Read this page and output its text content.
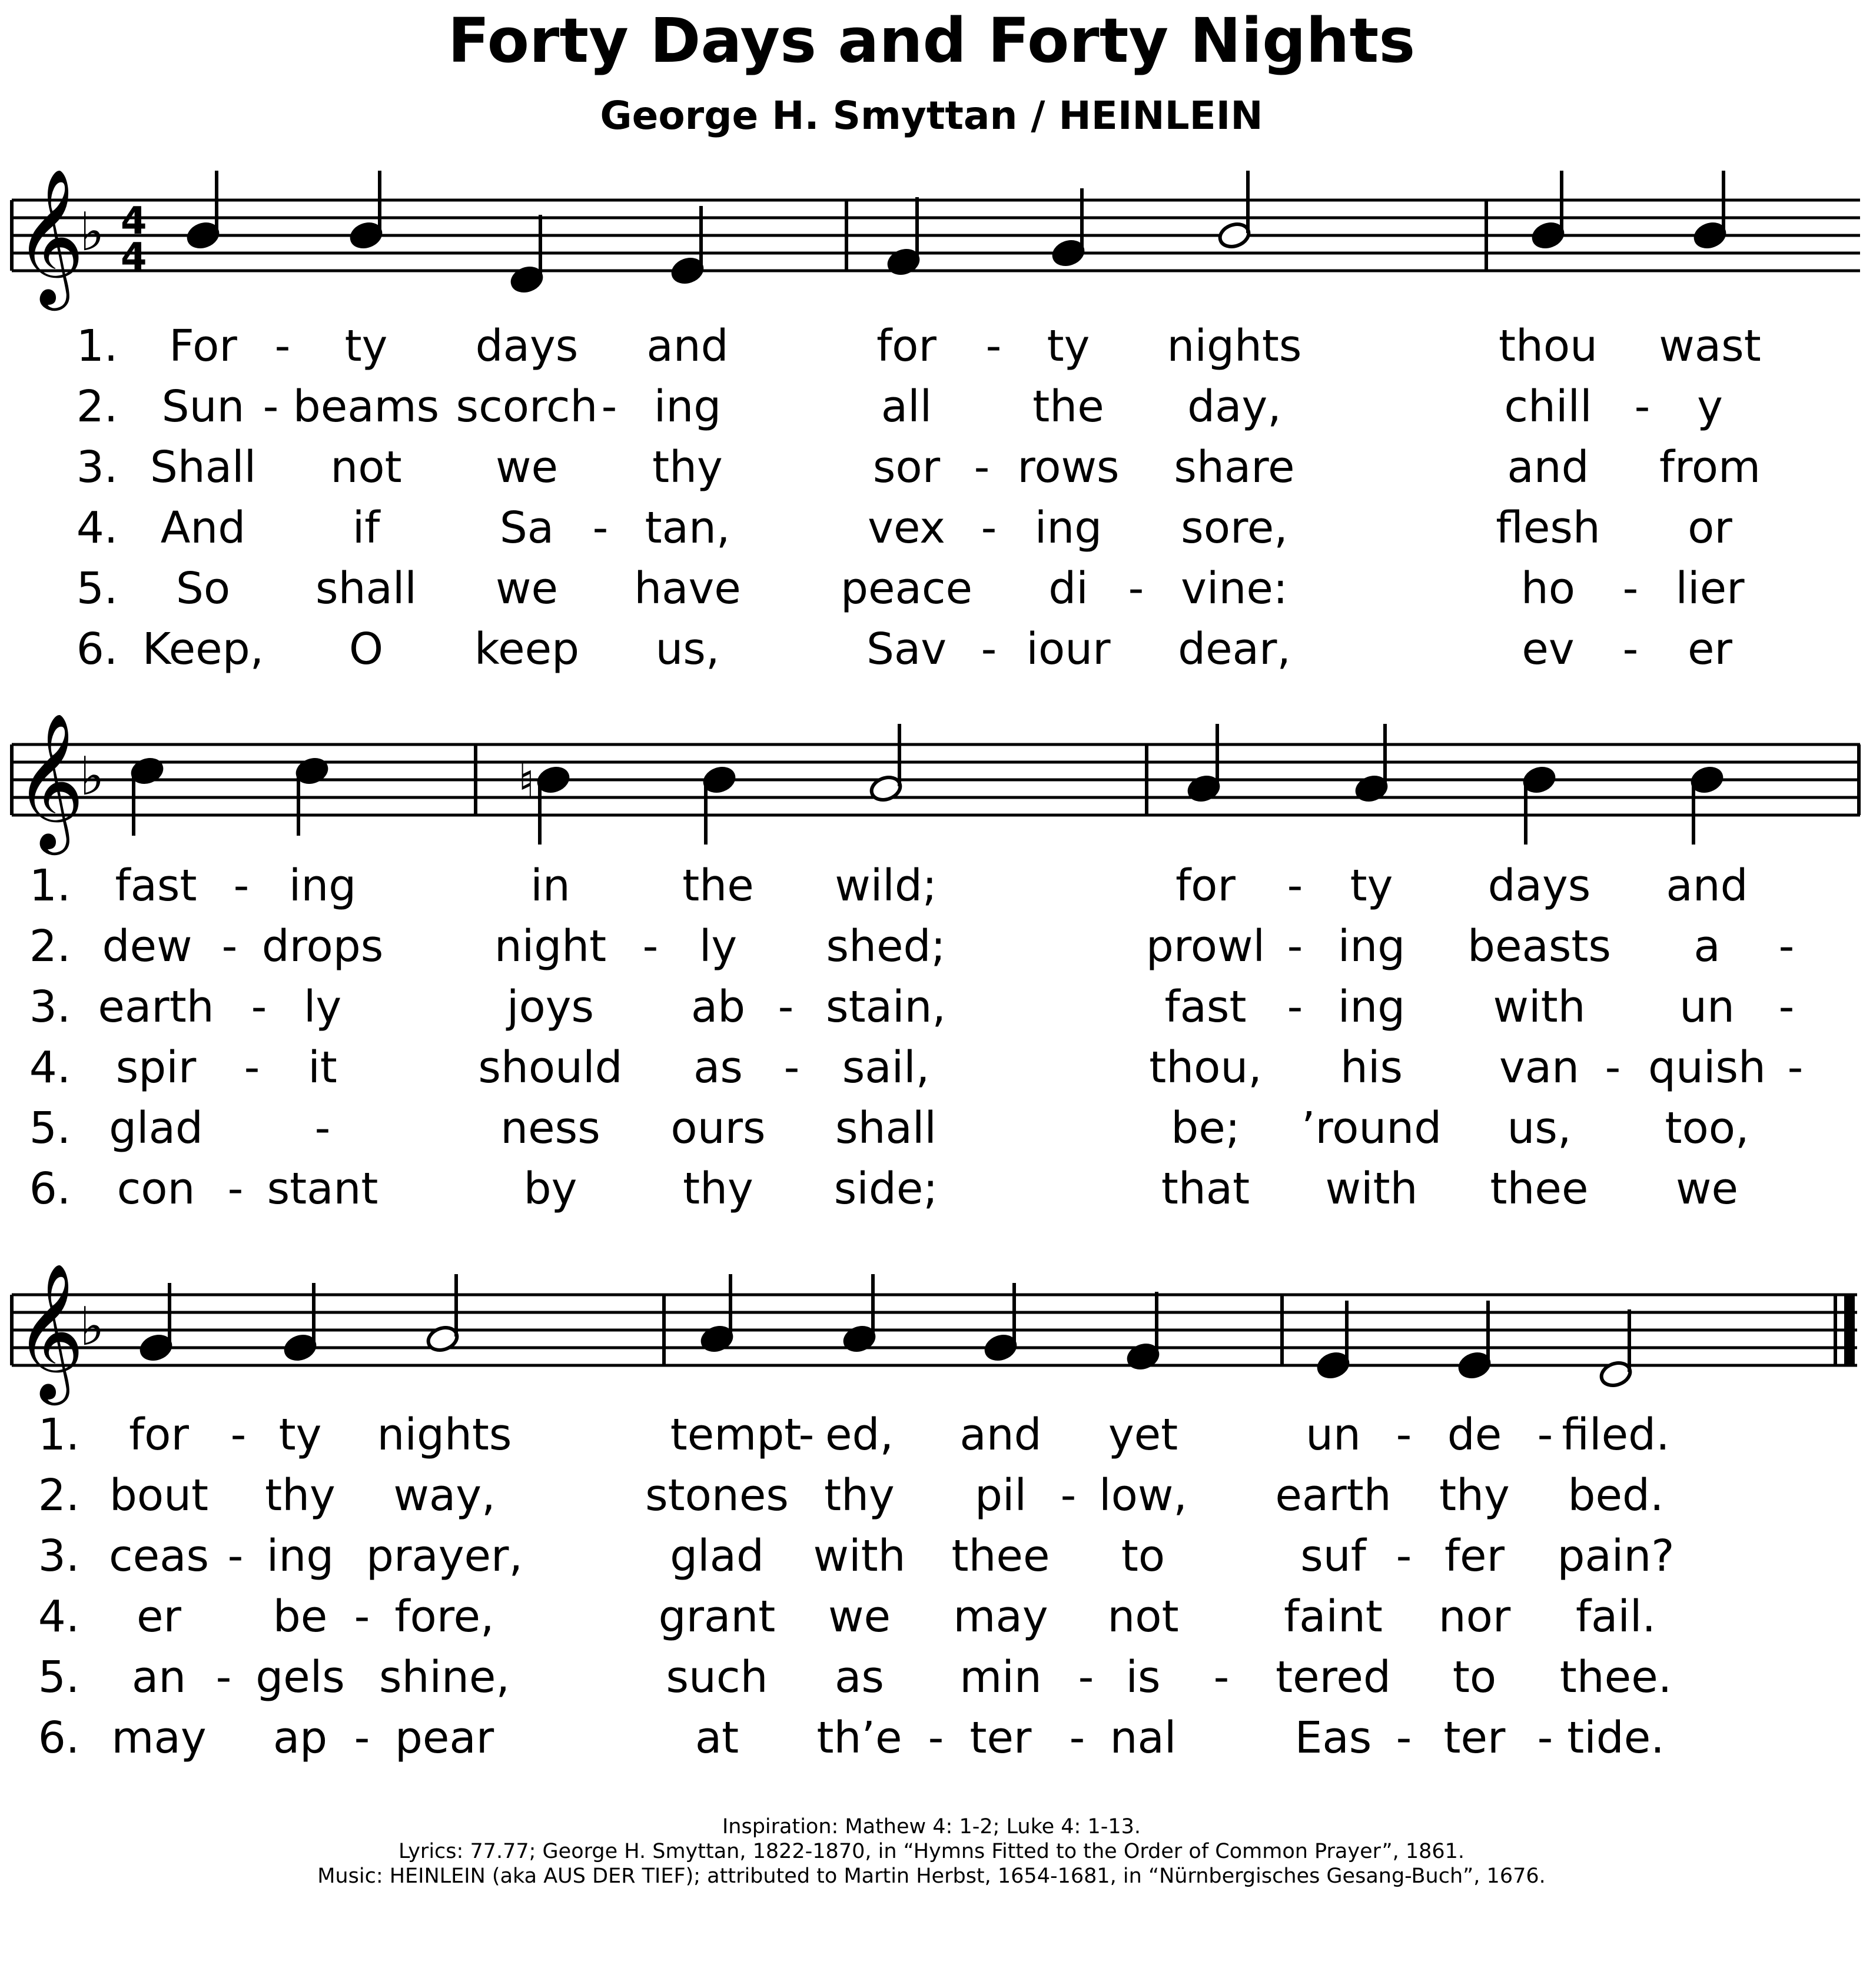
Forty Days and Forty Nights
George H. Smyttan / HEINLEIN
𝄞
♭ 4
4
1. For - ty days and	for - ty nights	thou wast
2. Sun - beams scorch - ing	all the day,	chill - y
3. Shall not we thy	sor - rows share	and from
4. And if	Sa - tan,	vex - ing sore,	flesh or
5. So shall we have peace di - vine:	ho - lier
6. Keep, O keep us,	Sav - iour dear,	ev - er
𝄞
♭	♮
1. fast - ing	in	the wild;	for - ty days and
2. dew - drops	night - ly shed;	prowl - ing beasts a -
3. earth - ly	joys ab - stain,	fast - ing with un -
4. spir - it	should as - sail,	thou, his van - quish -
5. glad	-	ness ours shall	be; ’round us, too,
6. con - stant	by thy side;	that with thee we
𝄞
♭
1. for - ty nights	tempt
- ed, and yet	un - de - filed.
2. bout thy way,	stones thy pil - low, earth thy bed.
3. ceas - ing prayer,	glad with thee to	suf - fer pain?
4. er be - fore,	grant we may not faint nor fail.
5. an - gels shine,	such as min - is - tered to thee.
6. may ap - pear	at th’e - ter - nal	Eas - ter - tide.
Inspiration: Mathew 4: 1-2; Luke 4: 1-13.
Lyrics: 77.77; George H. Smyttan, 1822-1870, in “Hymns Fitted to the Order of Common Prayer”, 1861.
Music: HEINLEIN (aka AUS DER TIEF); attributed to Martin Herbst, 1654-1681, in “Nürnbergisches Gesang-Buch”, 1676.
